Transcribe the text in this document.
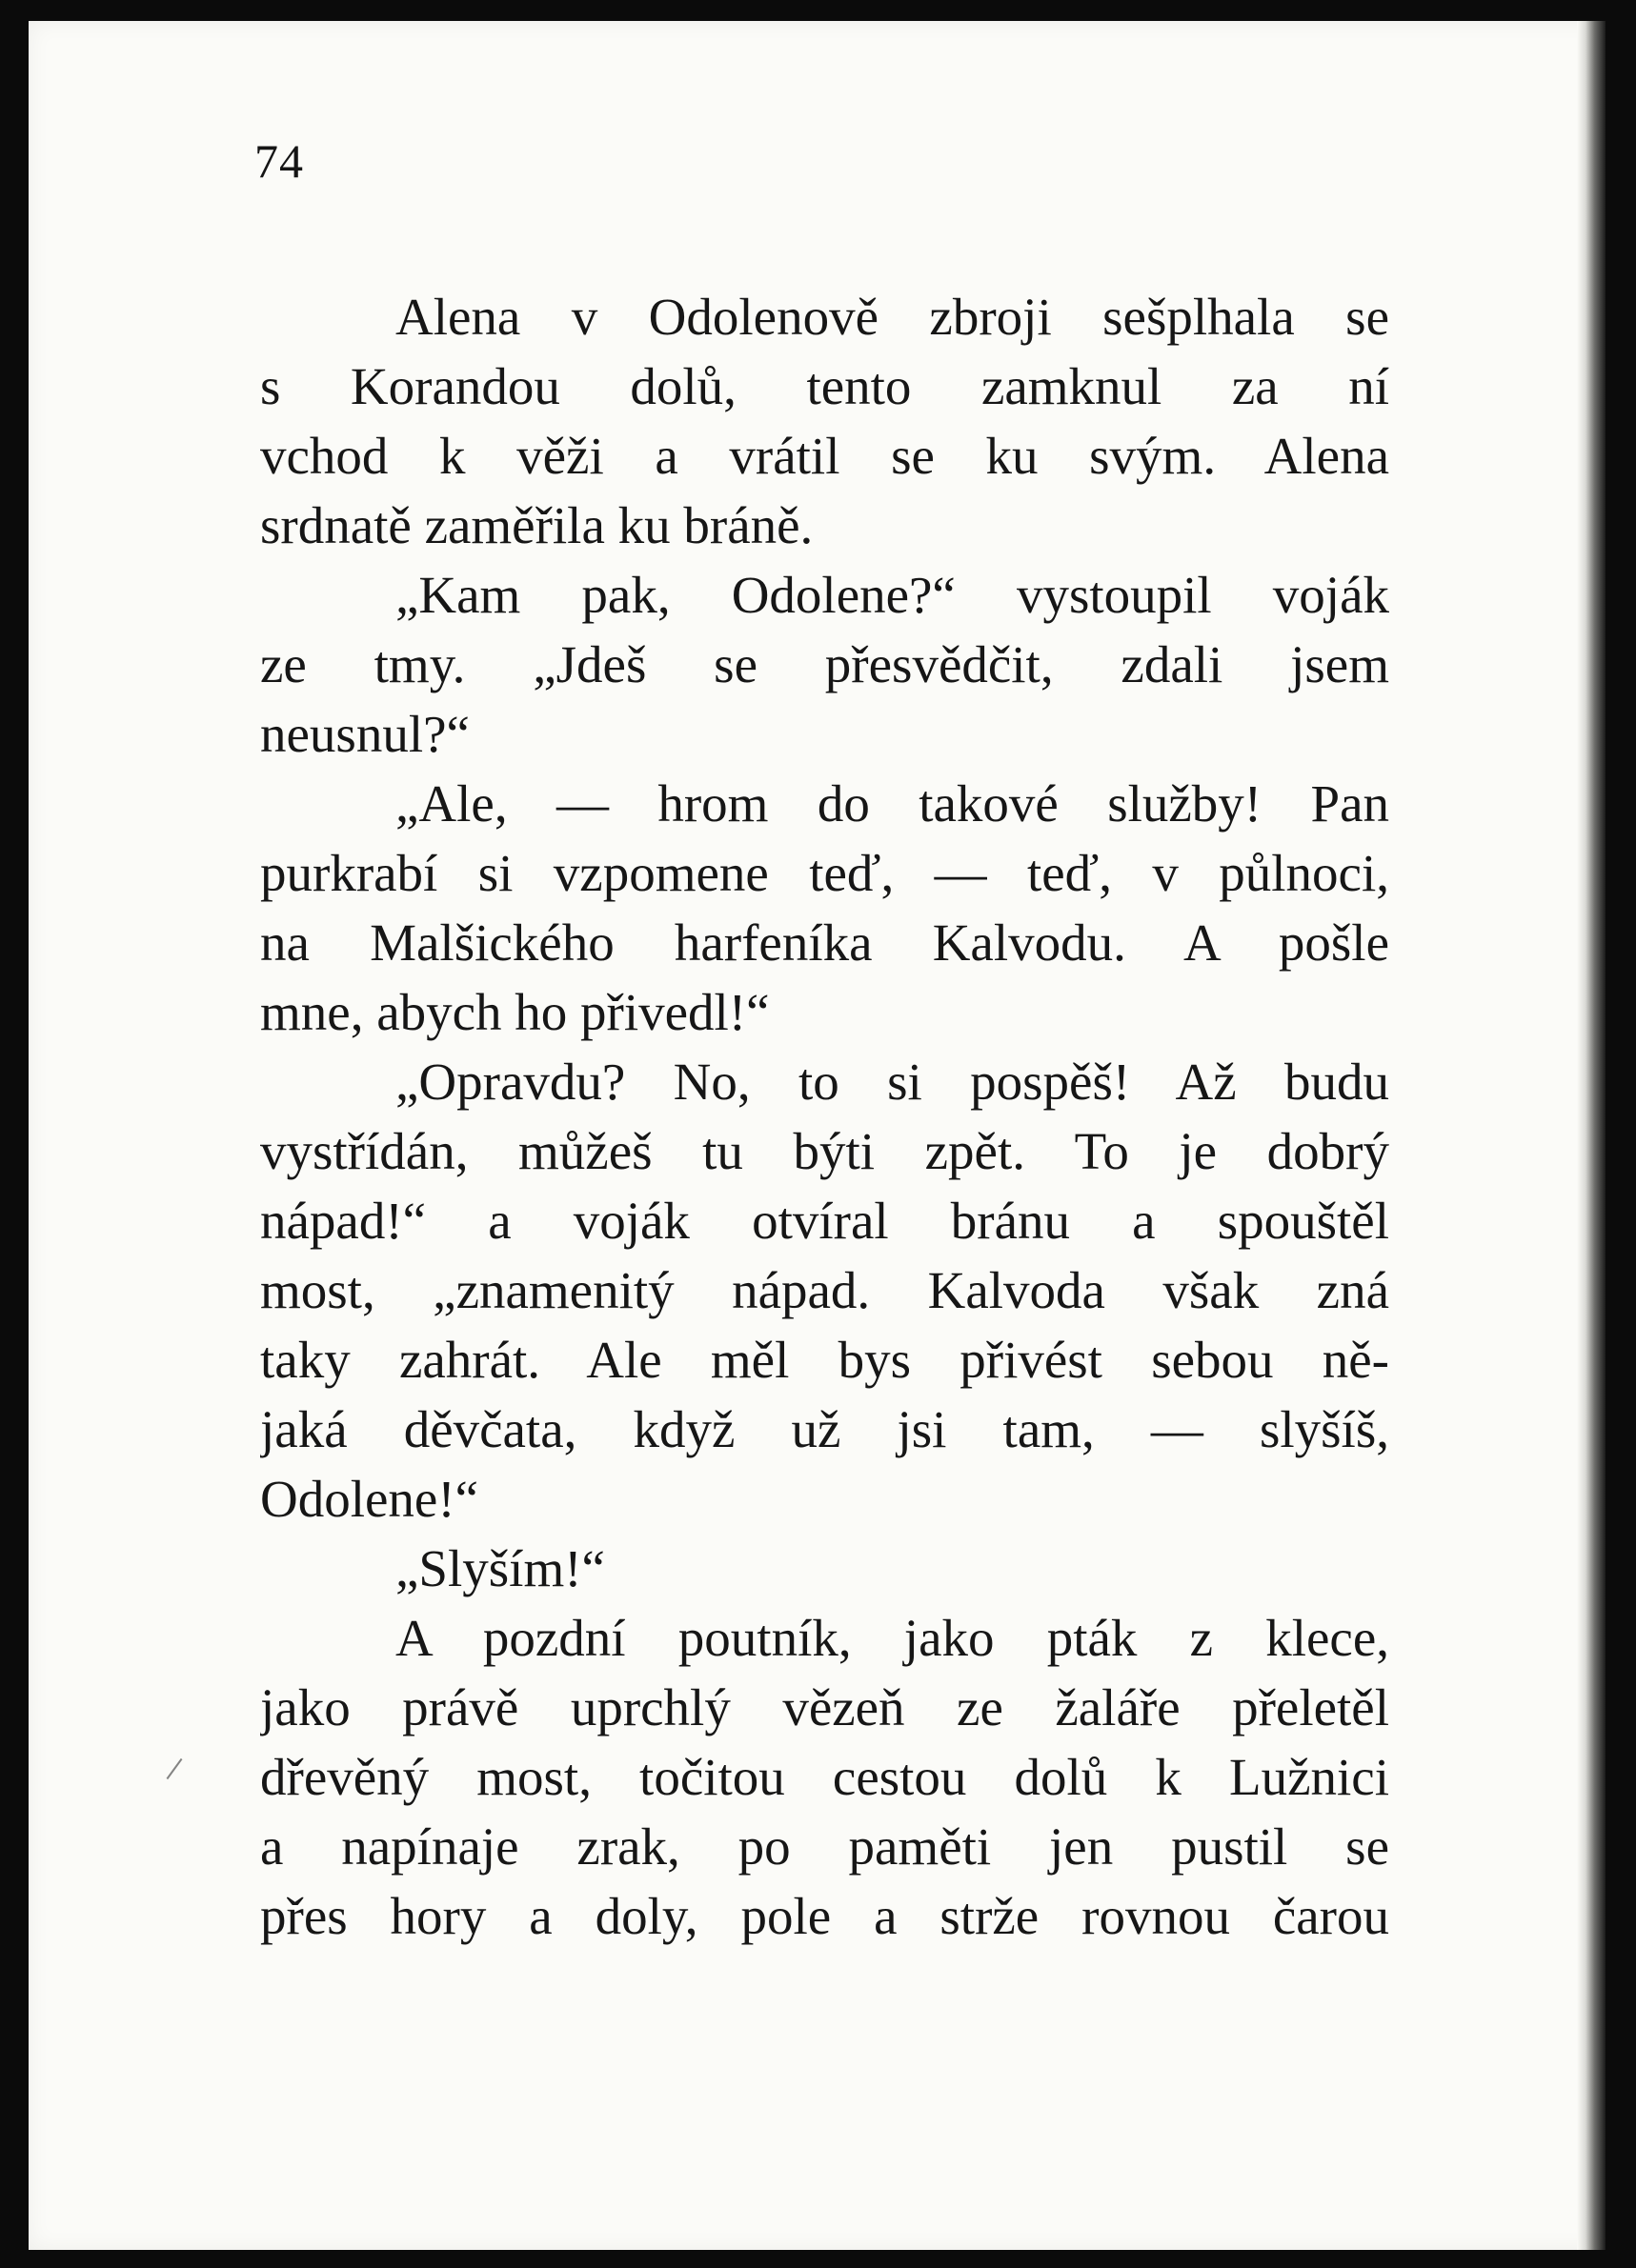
74
Alena v Odolenově zbroji sešplhala se
s Korandou dolů, tento zamknul za ní
vchod k věži a vrátil se ku svým. Alena
srdnatě zaměřila ku bráně.
„Kam pak, Odolene?“ vystoupil voják
ze tmy. „Jdeš se přesvědčit, zdali jsem
neusnul?“
„Ale, — hrom do takové služby! Pan
purkrabí si vzpomene teď, — teď, v půlnoci,
na Malšického harfeníka Kalvodu. A pošle
mne, abych ho přivedl!“
„Opravdu? No, to si pospěš! Až budu
vystřídán, můžeš tu býti zpět. To je dobrý
nápad!“ a voják otvíral bránu a spouštěl
most, „znamenitý nápad. Kalvoda však zná
taky zahrát. Ale měl bys přivést sebou ně-
jaká děvčata, když už jsi tam, — slyšíš,
Odolene!“
„Slyším!“
A pozdní poutník, jako pták z klece,
jako právě uprchlý vězeň ze žaláře přeletěl
dřevěný most, točitou cestou dolů k Lužnici
a napínaje zrak, po paměti jen pustil se
přes hory a doly, pole a strže rovnou čarou
